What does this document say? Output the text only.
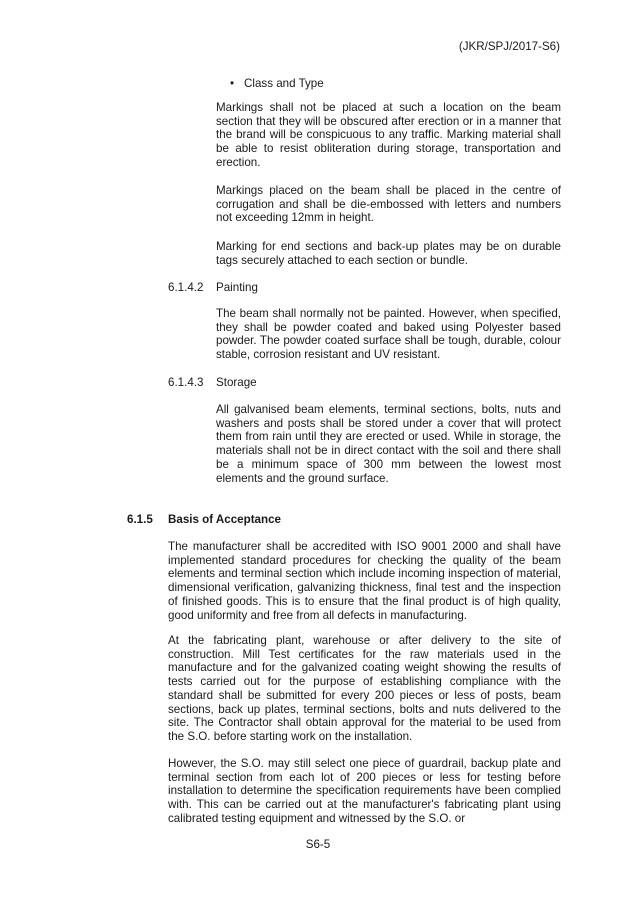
(JKR/SPJ/2017-S6)
• Class and Type

Markings shall not be placed at such a location on the beam section that they will be obscured after erection or in a manner that the brand will be conspicuous to any traffic. Marking material shall be able to resist obliteration during storage, transportation and erection.

Markings placed on the beam shall be placed in the centre of corrugation and shall be die-embossed with letters and numbers not exceeding 12mm in height.

Marking for end sections and back-up plates may be on durable tags securely attached to each section or bundle.

6.1.4.2 Painting

The beam shall normally not be painted. However, when specified, they shall be powder coated and baked using Polyester based powder. The powder coated surface shall be tough, durable, colour stable, corrosion resistant and UV resistant.

6.1.4.3 Storage

All galvanised beam elements, terminal sections, bolts, nuts and washers and posts shall be stored under a cover that will protect them from rain until they are erected or used. While in storage, the materials shall not be in direct contact with the soil and there shall be a minimum space of 300 mm between the lowest most elements and the ground surface.

6.1.5 Basis of Acceptance

The manufacturer shall be accredited with ISO 9001 2000 and shall have implemented standard procedures for checking the quality of the beam elements and terminal section which include incoming inspection of material, dimensional verification, galvanizing thickness, final test and the inspection of finished goods. This is to ensure that the final product is of high quality, good uniformity and free from all defects in manufacturing.

At the fabricating plant, warehouse or after delivery to the site of construction. Mill Test certificates for the raw materials used in the manufacture and for the galvanized coating weight showing the results of tests carried out for the purpose of establishing compliance with the standard shall be submitted for every 200 pieces or less of posts, beam sections, back up plates, terminal sections, bolts and nuts delivered to the site. The Contractor shall obtain approval for the material to be used from the S.O. before starting work on the installation.

However, the S.O. may still select one piece of guardrail, backup plate and terminal section from each lot of 200 pieces or less for testing before installation to determine the specification requirements have been complied with. This can be carried out at the manufacturer's fabricating plant using calibrated testing equipment and witnessed by the S.O. or

S6-5
